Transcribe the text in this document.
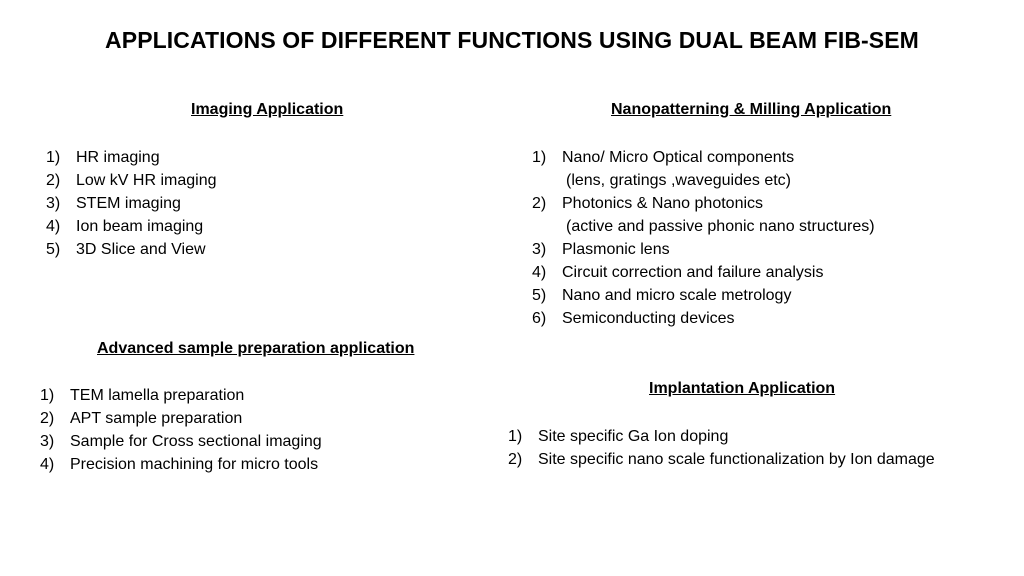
APPLICATIONS OF DIFFERENT FUNCTIONS USING DUAL BEAM FIB-SEM
Imaging Application
1) HR imaging
2) Low kV HR imaging
3) STEM imaging
4) Ion beam imaging
5) 3D Slice and View
Nanopatterning & Milling Application
1) Nano/ Micro Optical components
(lens, gratings ,waveguides etc)
2) Photonics & Nano photonics
(active and passive phonic nano structures)
3) Plasmonic lens
4) Circuit correction and failure analysis
5) Nano and micro scale metrology
6) Semiconducting devices
Advanced sample preparation application
1) TEM lamella preparation
2) APT sample preparation
3) Sample for Cross sectional imaging
4) Precision machining for micro tools
Implantation Application
1) Site specific Ga Ion doping
2) Site specific nano scale functionalization by Ion damage
